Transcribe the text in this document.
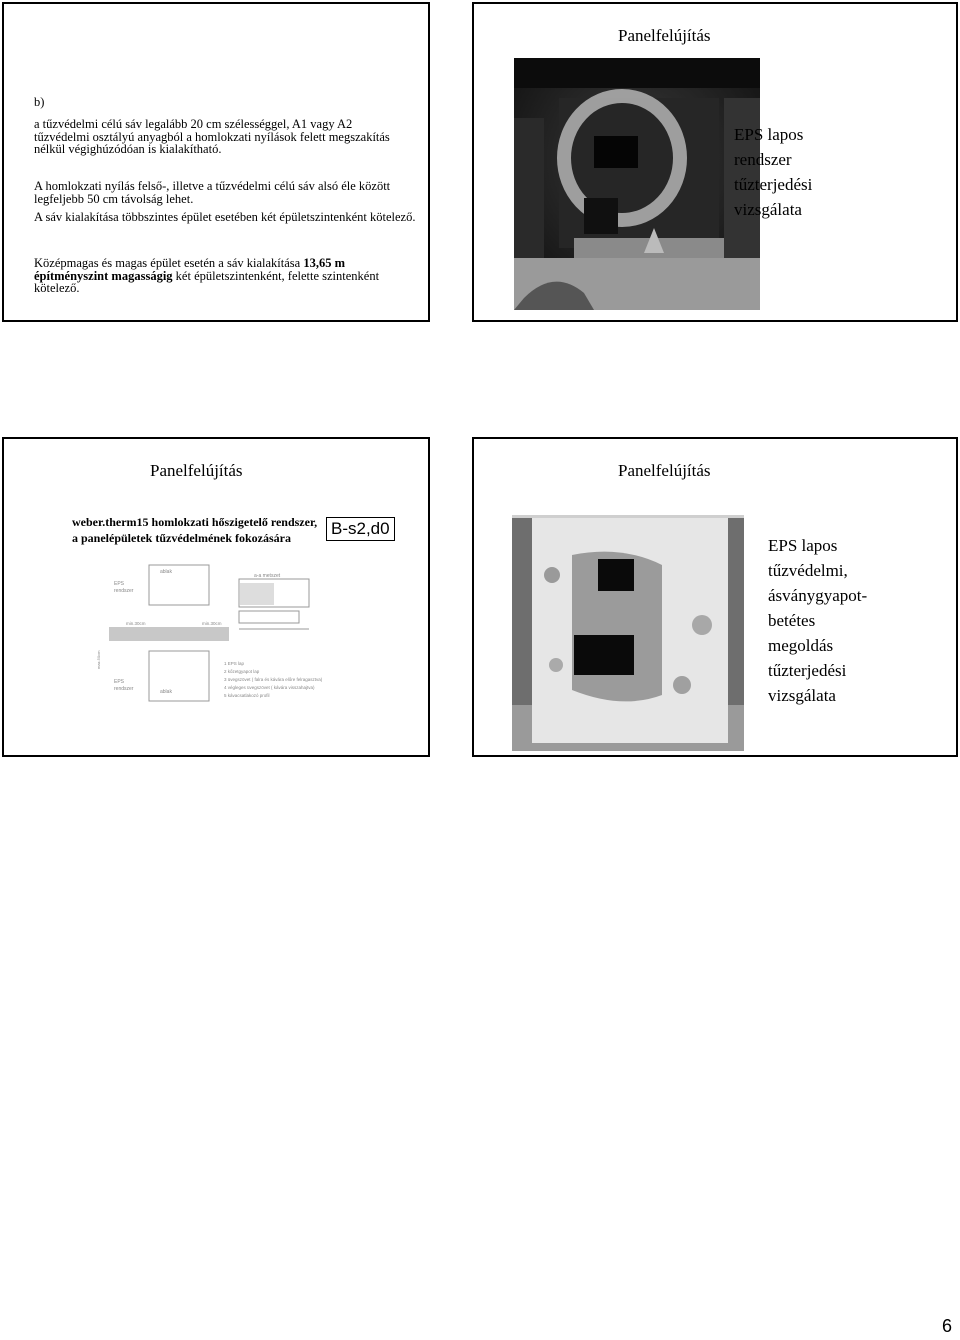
b)
a tűzvédelmi célú sáv legalább 20 cm szélességgel, A1 vagy A2 tűzvédelmi osztályú anyagból a homlokzati nyílások felett megszakítás nélkül végighúzódóan is kialakítható.
A homlokzati nyílás felső-, illetve a tűzvédelmi célú sáv alsó éle között legfeljebb 50 cm távolság lehet.
A sáv kialakítása többszintes épület esetében két épületszintenként kötelező.
Középmagas és magas épület esetén a sáv kialakítása 13,65 m építményszint magasságig két épületszintenként, felette szintenként kötelező.
Panelfelújítás
EPS lapos
rendszer
tűzterjedési
vizsgálata
Panelfelújítás
weber.therm15 homlokzati hőszigetelő rendszer,
a panelépületek tűzvédelmének fokozására B-s2,d0
ablak
EPS
rendszer
min.30cm	min.30cm
max.50cm
ablak
EPS
rendszer
a-a metszet
1 EPS lap
2 kőzetgyapot lap
3 üvegszövet ( falra és kávára előre felragasztva)
4 végleges üvegszövet ( kávára visszahajtva)
5 kávacsatlakozó profil
Panelfelújítás
EPS lapos
tűzvédelmi,
ásványgyapot-
betétes
megoldás
tűzterjedési
vizsgálata
6
